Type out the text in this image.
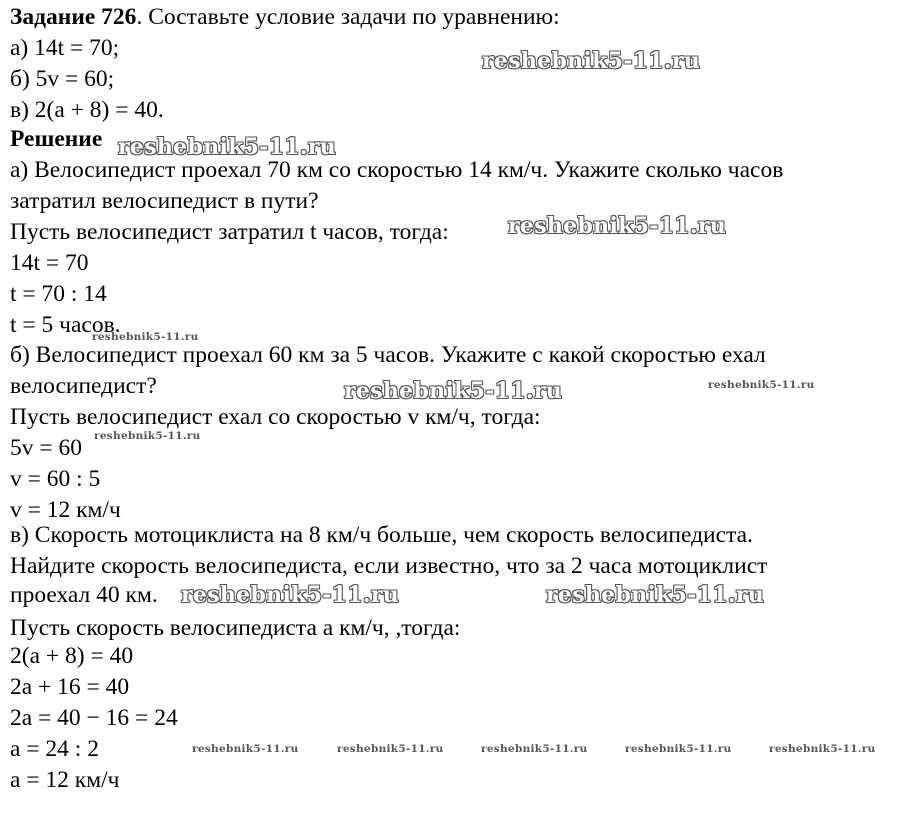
Задание 726. Составьте условие задачи по уравнению:
а) 14t = 70;
б) 5v = 60;
в) 2(a + 8) = 40.
Решение
а) Велосипедист проехал 70 км со скоростью 14 км/ч. Укажите сколько часов
затратил велосипедист в пути?
Пусть велосипедист затратил t часов, тогда:
14t = 70
t = 70 : 14
t = 5 часов.
б) Велосипедист проехал 60 км за 5 часов. Укажите с какой скоростью ехал
велосипедист?
Пусть велосипедист ехал со скоростью v км/ч, тогда:
5v = 60
v = 60 : 5
v = 12 км/ч
в) Скорость мотоциклиста на 8 км/ч больше, чем скорость велосипедиста.
Найдите скорость велосипедиста, если известно, что за 2 часа мотоциклист
проехал 40 км.
Пусть скорость велосипедиста a км/ч, ,тогда:
2(a + 8) = 40
2a + 16 = 40
2a = 40 − 16 = 24
a = 24 : 2
a = 12 км/ч
reshebnik5-11.ru
reshebnik5-11.ru
reshebnik5-11.ru
reshebnik5-11.ru
reshebnik5-11.ru	reshebnik5-11.ru
reshebnik5-11.ru
reshebnik5-11.ru
reshebnik5-11.ru
reshebnik5-11.ru	reshebnik5-11.ru	reshebnik5-11.ru	reshebnik5-11.ru	reshebnik5-11.ru
